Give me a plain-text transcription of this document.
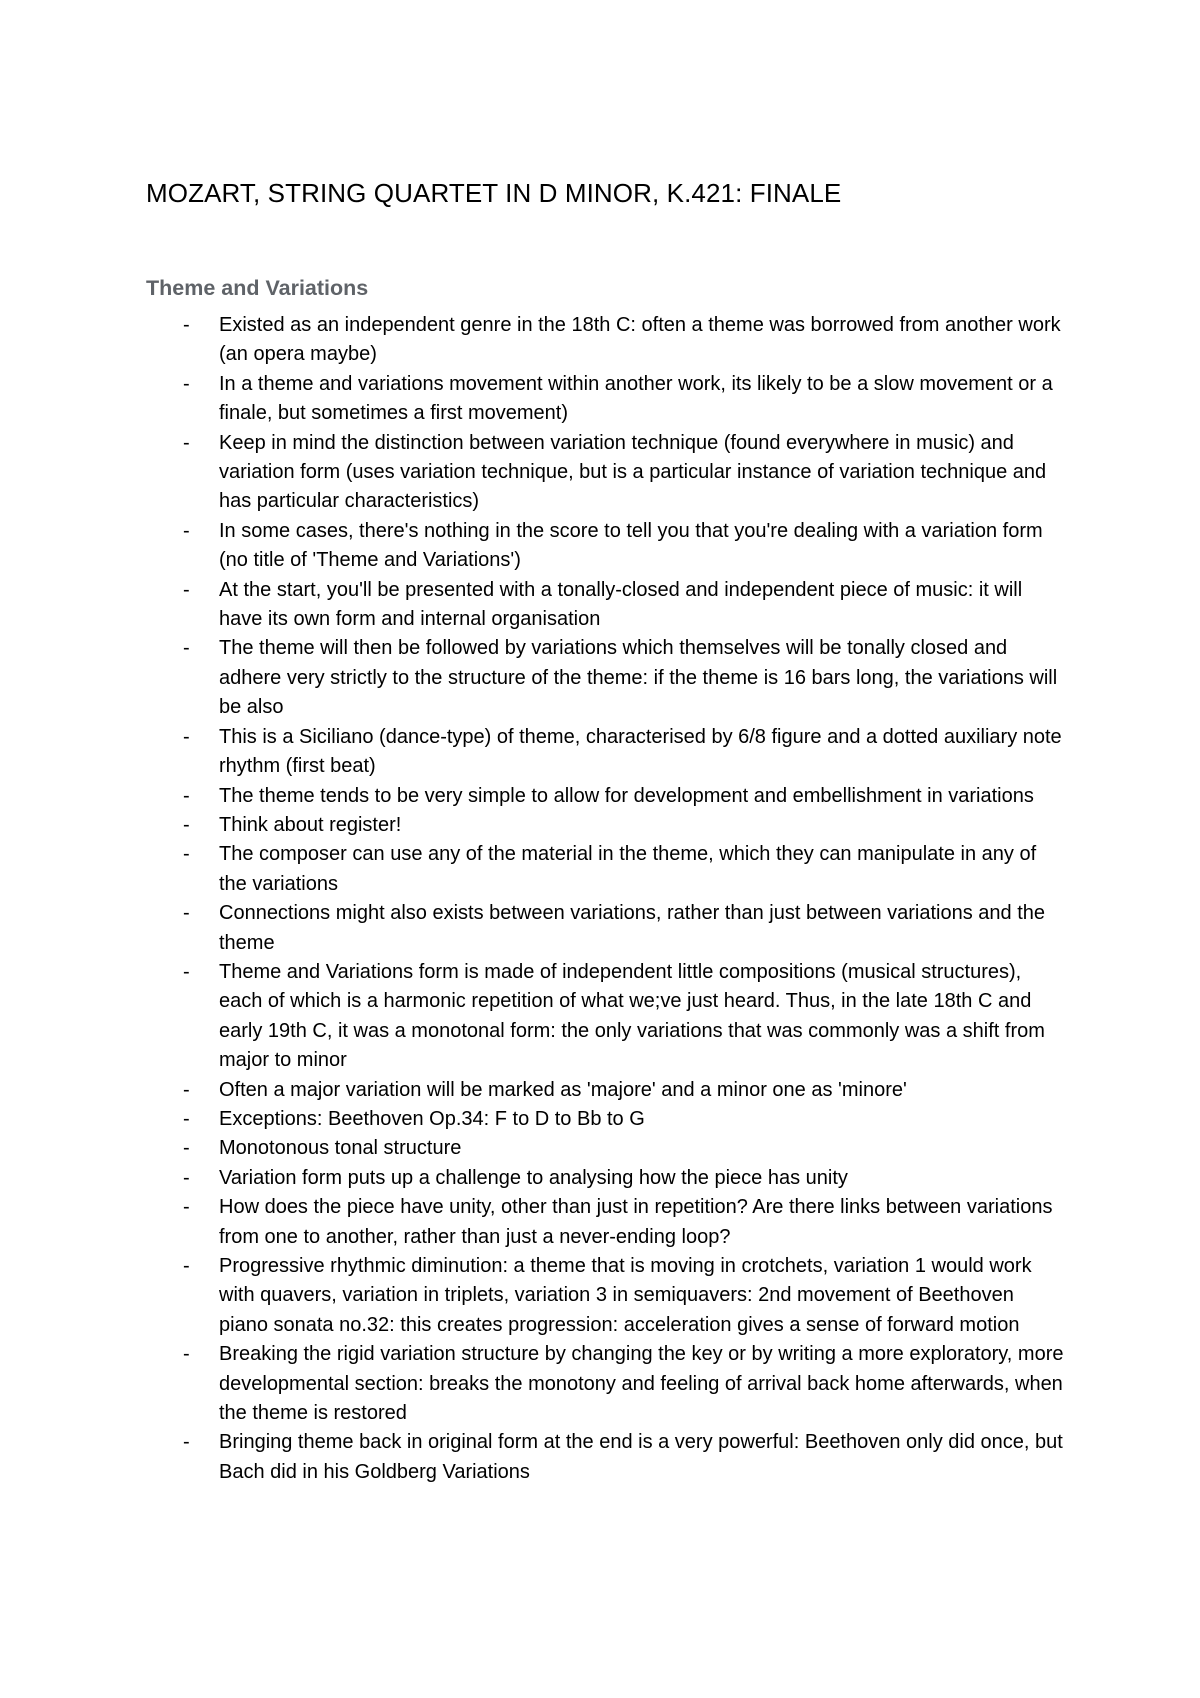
MOZART, STRING QUARTET IN D MINOR, K.421: FINALE
Theme and Variations
- Existed as an independent genre in the 18th C: often a theme was borrowed from another work (an opera maybe)
- In a theme and variations movement within another work, its likely to be a slow movement or a finale, but sometimes a first movement)
- Keep in mind the distinction between variation technique (found everywhere in music) and variation form (uses variation technique, but is a particular instance of variation technique and has particular characteristics)
- In some cases, there's nothing in the score to tell you that you're dealing with a variation form (no title of 'Theme and Variations')
- At the start, you'll be presented with a tonally-closed and independent piece of music: it will have its own form and internal organisation
- The theme will then be followed by variations which themselves will be tonally closed and adhere very strictly to the structure of the theme: if the theme is 16 bars long, the variations will be also
- This is a Siciliano (dance-type) of theme, characterised by 6/8 figure and a dotted auxiliary note rhythm (first beat)
- The theme tends to be very simple to allow for development and embellishment in variations
- Think about register!
- The composer can use any of the material in the theme, which they can manipulate in any of the variations
- Connections might also exists between variations, rather than just between variations and the theme
- Theme and Variations form is made of independent little compositions (musical structures), each of which is a harmonic repetition of what we;ve just heard. Thus, in the late 18th C and early 19th C, it was a monotonal form: the only variations that was commonly was a shift from major to minor
- Often a major variation will be marked as 'majore' and a minor one as 'minore'
- Exceptions: Beethoven Op.34: F to D to Bb to G
- Monotonous tonal structure
- Variation form puts up a challenge to analysing how the piece has unity
- How does the piece have unity, other than just in repetition? Are there links between variations from one to another, rather than just a never-ending loop?
- Progressive rhythmic diminution: a theme that is moving in crotchets, variation 1 would work with quavers, variation in triplets, variation 3 in semiquavers: 2nd movement of Beethoven piano sonata no.32: this creates progression: acceleration gives a sense of forward motion
- Breaking the rigid variation structure by changing the key or by writing a more exploratory, more developmental section: breaks the monotony and feeling of arrival back home afterwards, when the theme is restored
- Bringing theme back in original form at the end is a very powerful: Beethoven only did once, but Bach did in his Goldberg Variations
